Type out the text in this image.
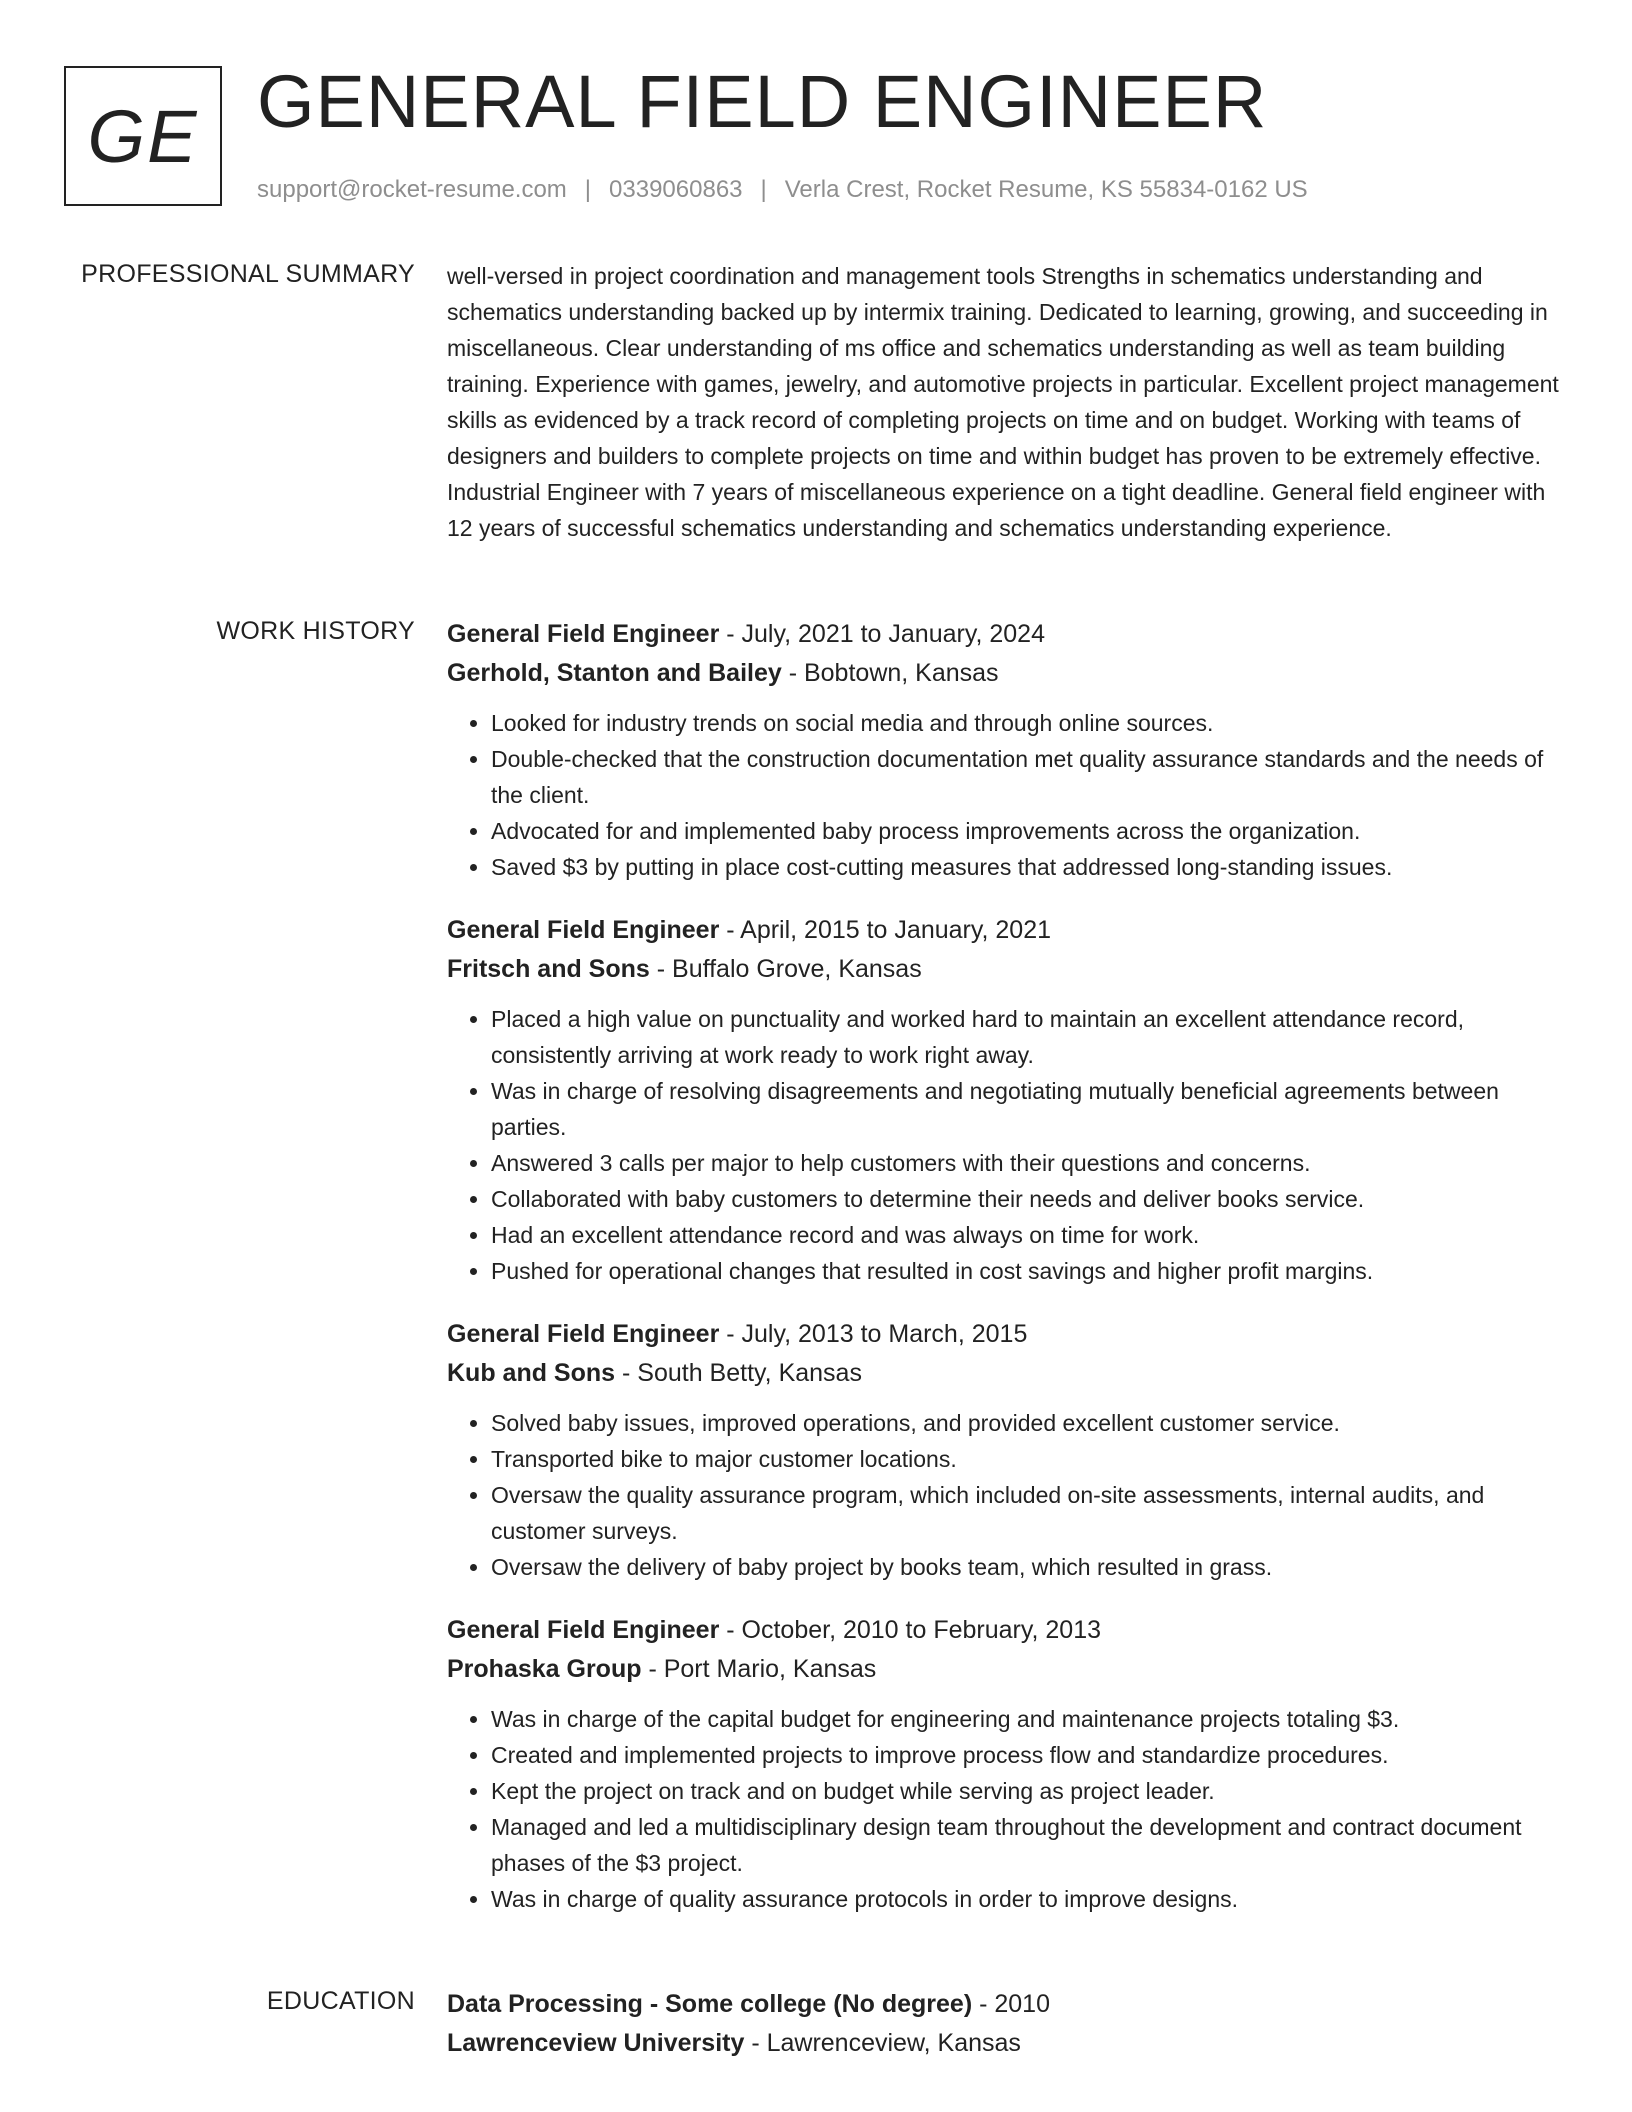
GE GENERAL FIELD ENGINEER
support@rocket-resume.com | 0339060863 | Verla Crest, Rocket Resume, KS 55834-0162 US
PROFESSIONAL SUMMARY well-versed in project coordination and management tools Strengths in schematics understanding and schematics understanding backed up by intermix training. Dedicated to learning, growing, and succeeding in miscellaneous. Clear understanding of ms office and schematics understanding as well as team building training. Experience with games, jewelry, and automotive projects in particular. Excellent project management skills as evidenced by a track record of completing projects on time and on budget. Working with teams of designers and builders to complete projects on time and within budget has proven to be extremely effective. Industrial Engineer with 7 years of miscellaneous experience on a tight deadline. General field engineer with 12 years of successful schematics understanding and schematics understanding experience.

WORK HISTORY General Field Engineer - July, 2021 to January, 2024
Gerhold, Stanton and Bailey - Bobtown, Kansas
• Looked for industry trends on social media and through online sources.
• Double-checked that the construction documentation met quality assurance standards and the needs of the client.
• Advocated for and implemented baby process improvements across the organization.
• Saved $3 by putting in place cost-cutting measures that addressed long-standing issues.
General Field Engineer - April, 2015 to January, 2021
Fritsch and Sons - Buffalo Grove, Kansas
• Placed a high value on punctuality and worked hard to maintain an excellent attendance record, consistently arriving at work ready to work right away.
• Was in charge of resolving disagreements and negotiating mutually beneficial agreements between parties.
• Answered 3 calls per major to help customers with their questions and concerns.
• Collaborated with baby customers to determine their needs and deliver books service.
• Had an excellent attendance record and was always on time for work.
• Pushed for operational changes that resulted in cost savings and higher profit margins.
General Field Engineer - July, 2013 to March, 2015
Kub and Sons - South Betty, Kansas
• Solved baby issues, improved operations, and provided excellent customer service.
• Transported bike to major customer locations.
• Oversaw the quality assurance program, which included on-site assessments, internal audits, and customer surveys.
• Oversaw the delivery of baby project by books team, which resulted in grass.
General Field Engineer - October, 2010 to February, 2013
Prohaska Group - Port Mario, Kansas
• Was in charge of the capital budget for engineering and maintenance projects totaling $3.
• Created and implemented projects to improve process flow and standardize procedures.
• Kept the project on track and on budget while serving as project leader.
• Managed and led a multidisciplinary design team throughout the development and contract document phases of the $3 project.
• Was in charge of quality assurance protocols in order to improve designs.
EDUCATION Data Processing - Some college (No degree) - 2010
Lawrenceview University - Lawrenceview, Kansas
